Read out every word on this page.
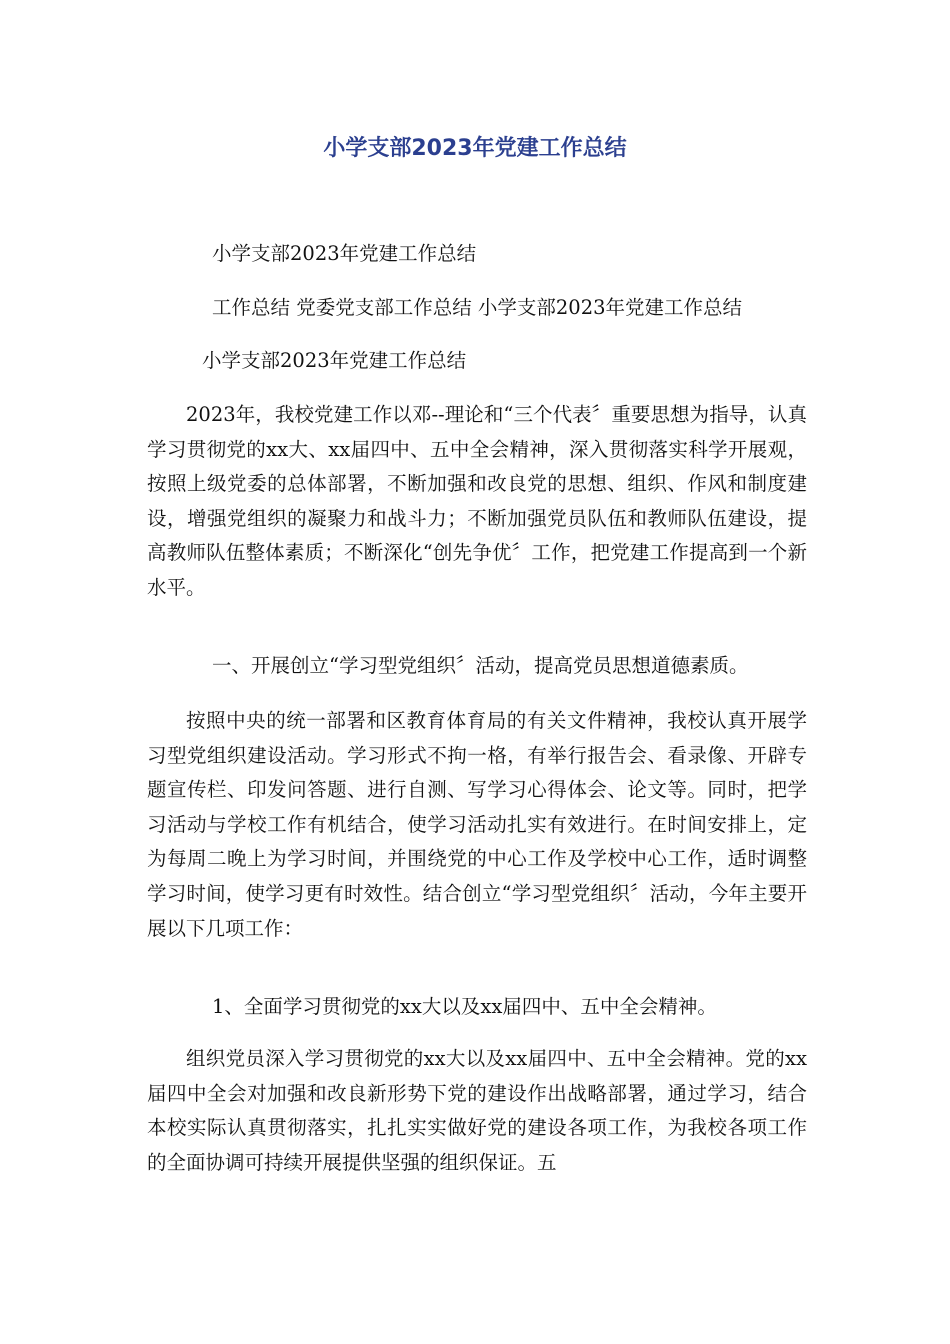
小学支部2023年党建工作总结

小学支部2023年党建工作总结

工作总结 党委党支部工作总结 小学支部2023年党建工作总结

小学支部2023年党建工作总结

2023年，我校党建工作以邓--理论和“三个代表〞重要思想为指导，认真学习贯彻党的xx大、xx届四中、五中全会精神，深入贯彻落实科学开展观，按照上级党委的总体部署，不断加强和改良党的思想、组织、作风和制度建设，增强党组织的凝聚力和战斗力；不断加强党员队伍和教师队伍建设，提高教师队伍整体素质；不断深化“创先争优〞工作，把党建工作提高到一个新水平。

一、开展创立“学习型党组织〞活动，提高党员思想道德素质。

按照中央的统一部署和区教育体育局的有关文件精神，我校认真开展学习型党组织建设活动。学习形式不拘一格，有举行报告会、看录像、开辟专题宣传栏、印发问答题、进行自测、写学习心得体会、论文等。同时，把学习活动与学校工作有机结合，使学习活动扎实有效进行。在时间安排上，定为每周二晚上为学习时间，并围绕党的中心工作及学校中心工作，适时调整学习时间，使学习更有时效性。结合创立“学习型党组织〞活动，今年主要开展以下几项工作：

1、全面学习贯彻党的xx大以及xx届四中、五中全会精神。

组织党员深入学习贯彻党的xx大以及xx届四中、五中全会精神。党的xx届四中全会对加强和改良新形势下党的建设作出战略部署，通过学习，结合本校实际认真贯彻落实，扎扎实实做好党的建设各项工作，为我校各项工作的全面协调可持续开展提供坚强的组织保证。五
